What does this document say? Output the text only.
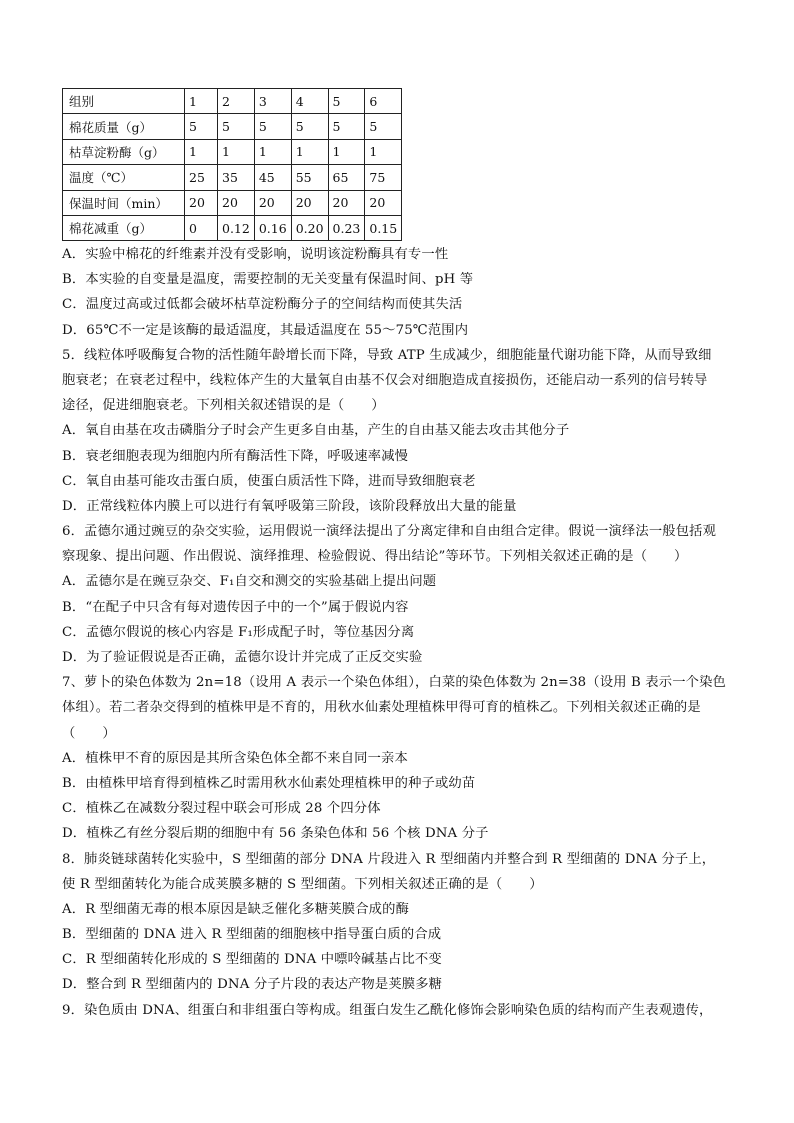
组别	1	2	3	4	5	6
棉花质量（g）	5	5	5	5	5	5
枯草淀粉酶（g）	1	1	1	1	1	1
温度（℃）	25	35	45	55	65	75
保温时间（min）	20	20	20	20	20	20
棉花减重（g）	0	0.12	0.16	0.20	0.23	0.15
A．实验中棉花的纤维素并没有受影响，说明该淀粉酶具有专一性
B．本实验的自变量是温度，需要控制的无关变量有保温时间、pH 等
C．温度过高或过低都会破坏枯草淀粉酶分子的空间结构而使其失活
D．65℃不一定是该酶的最适温度，其最适温度在 55～75℃范围内
5．线粒体呼吸酶复合物的活性随年龄增长而下降，导致 ATP 生成减少，细胞能量代谢功能下降，从而导致细
胞衰老；在衰老过程中，线粒体产生的大量氧自由基不仅会对细胞造成直接损伤，还能启动一系列的信号转导
途径，促进细胞衰老。下列相关叙述错误的是（　　）
A．氧自由基在攻击磷脂分子时会产生更多自由基，产生的自由基又能去攻击其他分子
B．衰老细胞表现为细胞内所有酶活性下降，呼吸速率减慢
C．氧自由基可能攻击蛋白质，使蛋白质活性下降，进而导致细胞衰老
D．正常线粒体内膜上可以进行有氧呼吸第三阶段，该阶段释放出大量的能量
6．孟德尔通过豌豆的杂交实验，运用假说一演绎法提出了分离定律和自由组合定律。假说一演绎法一般包括观
察现象、提出问题、作出假说、演绎推理、检验假说、得出结论”等环节。下列相关叙述正确的是（　　）
A．孟德尔是在豌豆杂交、F₁自交和测交的实验基础上提出问题
B．“在配子中只含有每对遗传因子中的一个”属于假说内容
C．孟德尔假说的核心内容是 F₁形成配子时，等位基因分离
D．为了验证假说是否正确，孟德尔设计并完成了正反交实验
7、萝卜的染色体数为 2n=18（设用 A 表示一个染色体组），白菜的染色体数为 2n=38（设用 B 表示一个染色
体组）。若二者杂交得到的植株甲是不育的，用秋水仙素处理植株甲得可育的植株乙。下列相关叙述正确的是
（　　）
A．植株甲不育的原因是其所含染色体全都不来自同一亲本
B．由植株甲培育得到植株乙时需用秋水仙素处理植株甲的种子或幼苗
C．植株乙在减数分裂过程中联会可形成 28 个四分体
D．植株乙有丝分裂后期的细胞中有 56 条染色体和 56 个核 DNA 分子
8．肺炎链球菌转化实验中，S 型细菌的部分 DNA 片段进入 R 型细菌内并整合到 R 型细菌的 DNA 分子上，
使 R 型细菌转化为能合成荚膜多糖的 S 型细菌。下列相关叙述正确的是（　　）
A．R 型细菌无毒的根本原因是缺乏催化多糖荚膜合成的酶
B．型细菌的 DNA 进入 R 型细菌的细胞核中指导蛋白质的合成
C．R 型细菌转化形成的 S 型细菌的 DNA 中嘌呤碱基占比不变
D．整合到 R 型细菌内的 DNA 分子片段的表达产物是荚膜多糖
9．染色质由 DNA、组蛋白和非组蛋白等构成。组蛋白发生乙酰化修饰会影响染色质的结构而产生表观遗传，
